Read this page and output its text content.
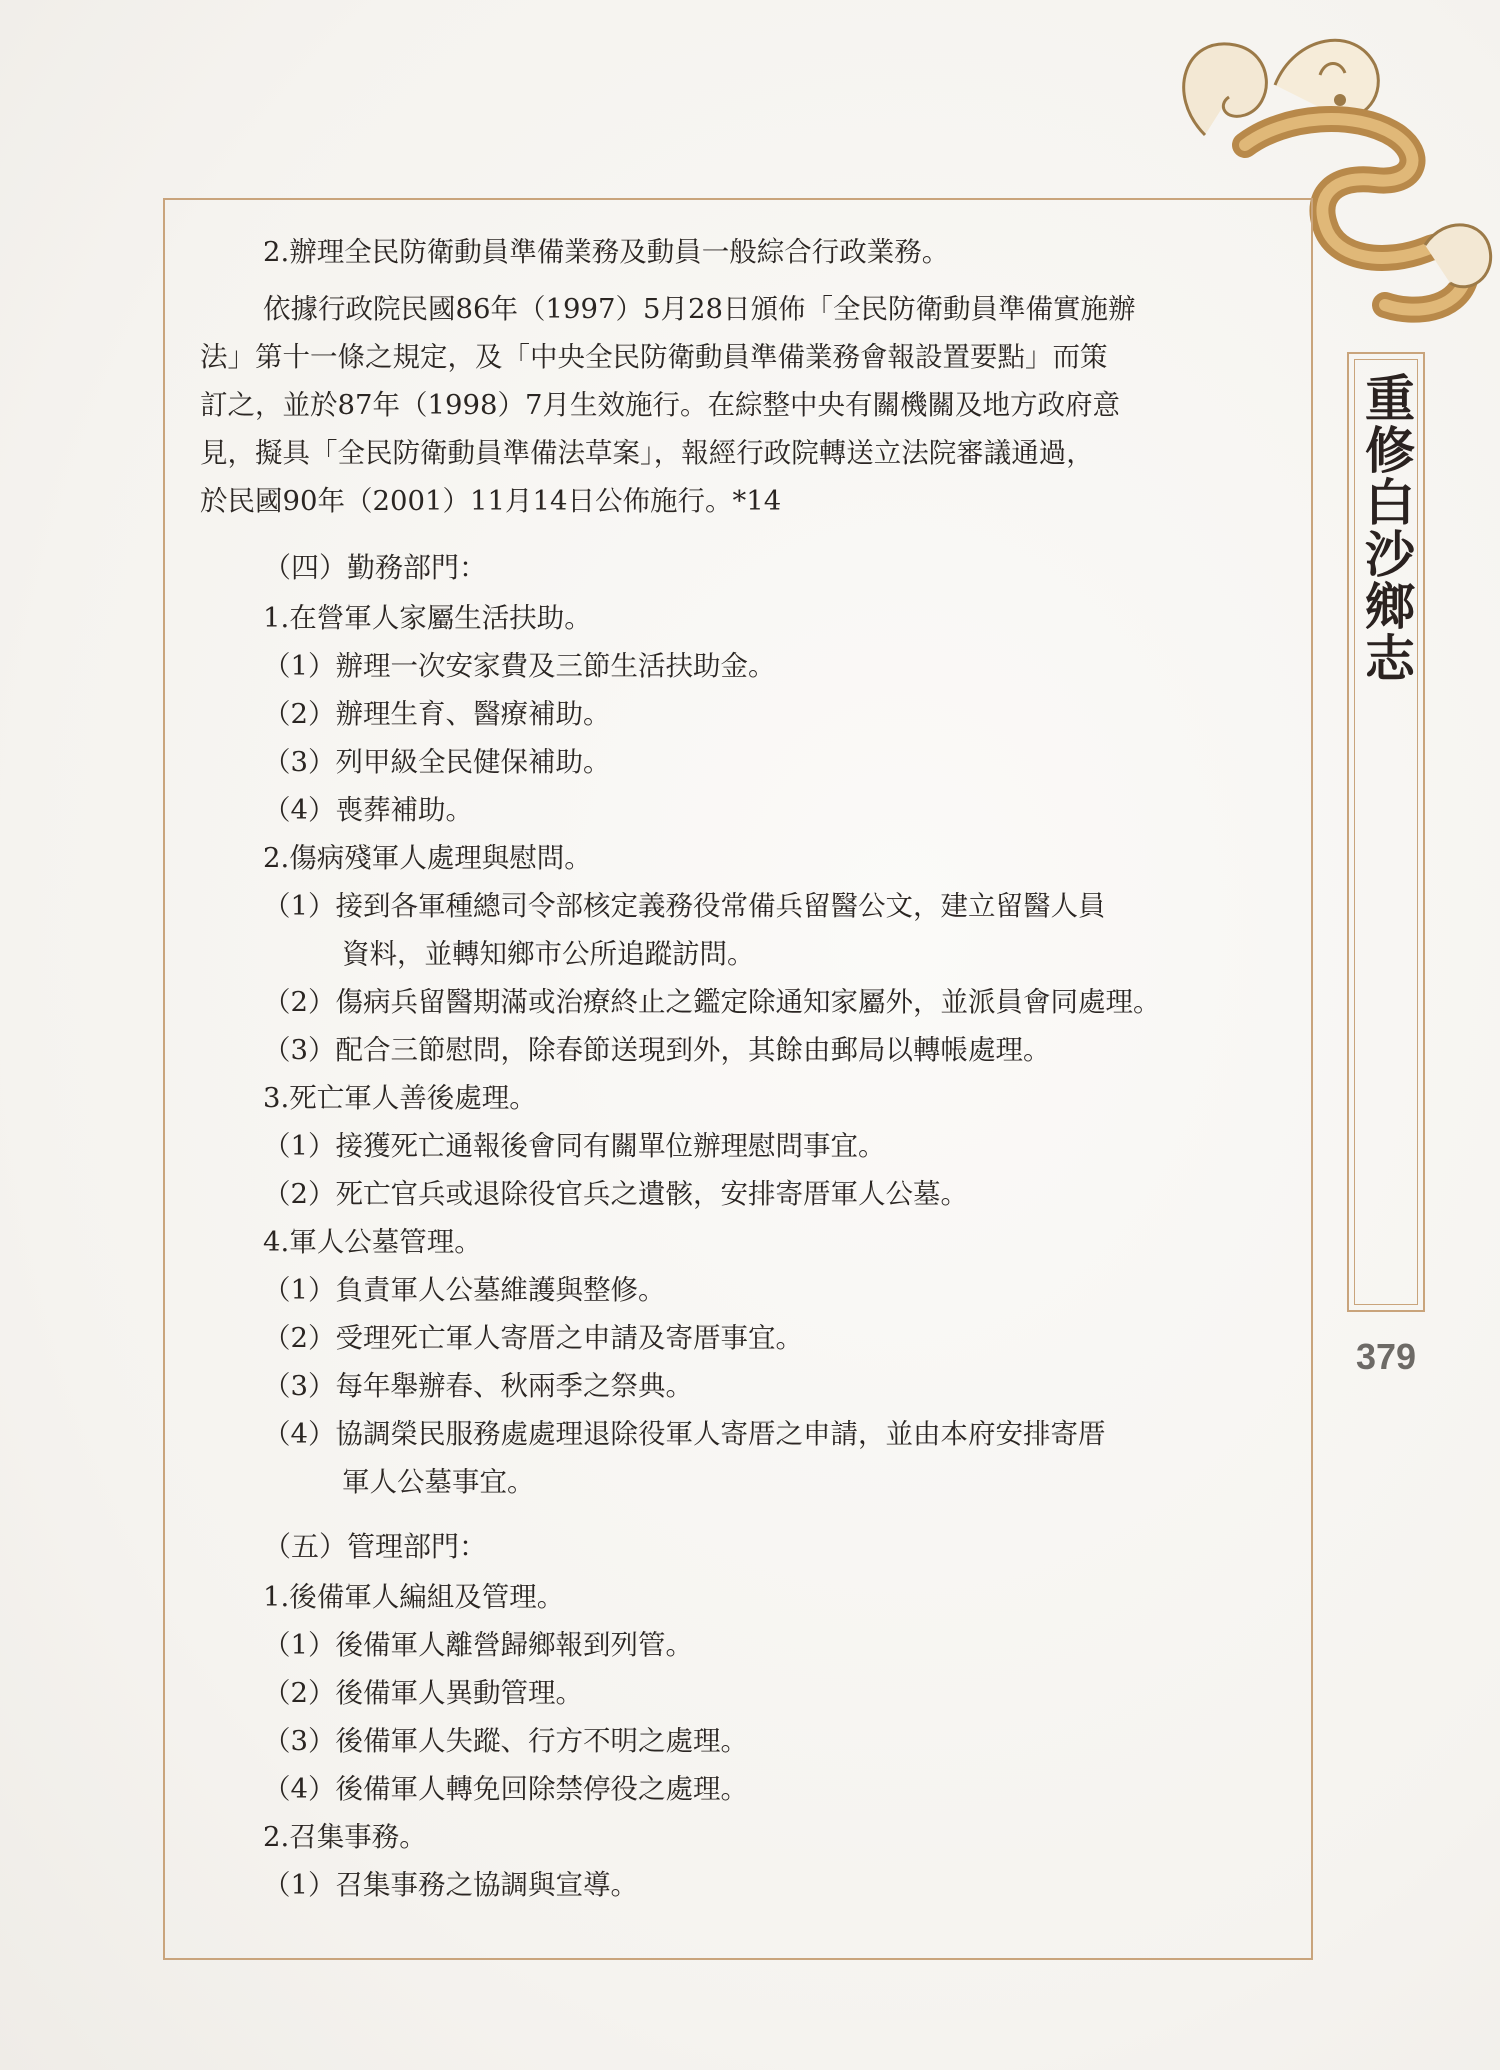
重修白沙鄉志
379
2.辦理全民防衛動員準備業務及動員一般綜合行政業務。
依據行政院民國86年（1997）5月28日頒佈「全民防衛動員準備實施辦
法」第十一條之規定，及「中央全民防衛動員準備業務會報設置要點」而策
訂之，並於87年（1998）7月生效施行。在綜整中央有關機關及地方政府意
見，擬具「全民防衛動員準備法草案」，報經行政院轉送立法院審議通過，
於民國90年（2001）11月14日公佈施行。*14
（四）勤務部門：
1.在營軍人家屬生活扶助。
（1）辦理一次安家費及三節生活扶助金。
（2）辦理生育、醫療補助。
（3）列甲級全民健保補助。
（4）喪葬補助。
2.傷病殘軍人處理與慰問。
（1）接到各軍種總司令部核定義務役常備兵留醫公文，建立留醫人員
資料，並轉知鄉市公所追蹤訪問。
（2）傷病兵留醫期滿或治療終止之鑑定除通知家屬外，並派員會同處理。
（3）配合三節慰問，除春節送現到外，其餘由郵局以轉帳處理。
3.死亡軍人善後處理。
（1）接獲死亡通報後會同有關單位辦理慰問事宜。
（2）死亡官兵或退除役官兵之遺骸，安排寄厝軍人公墓。
4.軍人公墓管理。
（1）負責軍人公墓維護與整修。
（2）受理死亡軍人寄厝之申請及寄厝事宜。
（3）每年舉辦春、秋兩季之祭典。
（4）協調榮民服務處處理退除役軍人寄厝之申請，並由本府安排寄厝
軍人公墓事宜。
（五）管理部門：
1.後備軍人編組及管理。
（1）後備軍人離營歸鄉報到列管。
（2）後備軍人異動管理。
（3）後備軍人失蹤、行方不明之處理。
（4）後備軍人轉免回除禁停役之處理。
2.召集事務。
（1）召集事務之協調與宣導。
